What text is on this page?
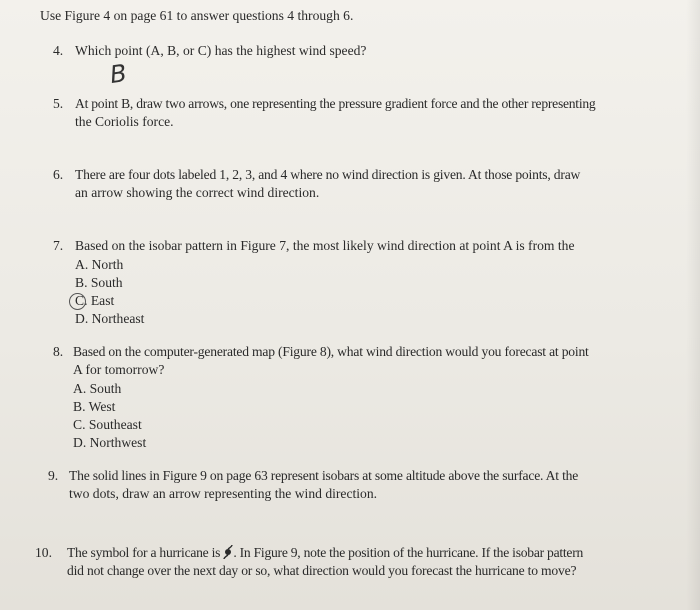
Use Figure 4 on page 61 to answer questions 4 through 6.
4. Which point (A, B, or C) has the highest wind speed?
B
5. At point B, draw two arrows, one representing the pressure gradient force and the other representing
the Coriolis force.
6. There are four dots labeled 1, 2, 3, and 4 where no wind direction is given. At those points, draw
an arrow showing the correct wind direction.
7. Based on the isobar pattern in Figure 7, the most likely wind direction at point A is from the
A. North
B. South
C. East
D. Northeast
8. Based on the computer-generated map (Figure 8), what wind direction would you forecast at point
A for tomorrow?
A. South
B. West
C. Southeast
D. Northwest
9. The solid lines in Figure 9 on page 63 represent isobars at some altitude above the surface. At the
two dots, draw an arrow representing the wind direction.
10. The symbol for a hurricane is . In Figure 9, note the position of the hurricane. If the isobar pattern
did not change over the next day or so, what direction would you forecast the hurricane to move?
